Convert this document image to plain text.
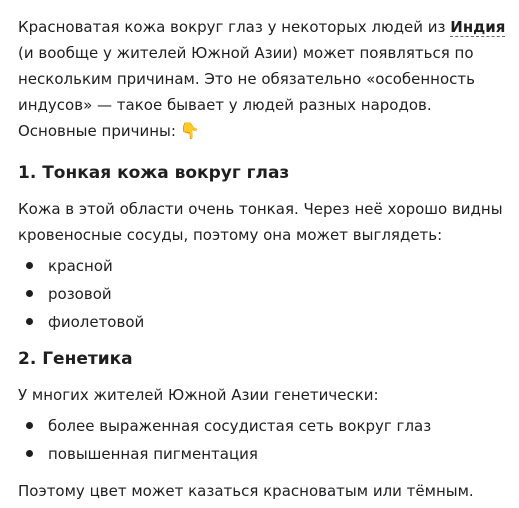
Красноватая кожа вокруг глаз у некоторых людей из Индия (и вообще у жителей Южной Азии) может появляться по нескольким причинам. Это не обязательно «особенность индусов» — такое бывает у людей разных народов. Основные причины: 👇

1. Тонкая кожа вокруг глаз

Кожа в этой области очень тонкая. Через неё хорошо видны кровеносные сосуды, поэтому она может выглядеть:

красной
розовой
фиолетовой
2. Генетика

У многих жителей Южной Азии генетически:

более выраженная сосудистая сеть вокруг глаз
повышенная пигментация

Поэтому цвет может казаться красноватым или тёмным.
